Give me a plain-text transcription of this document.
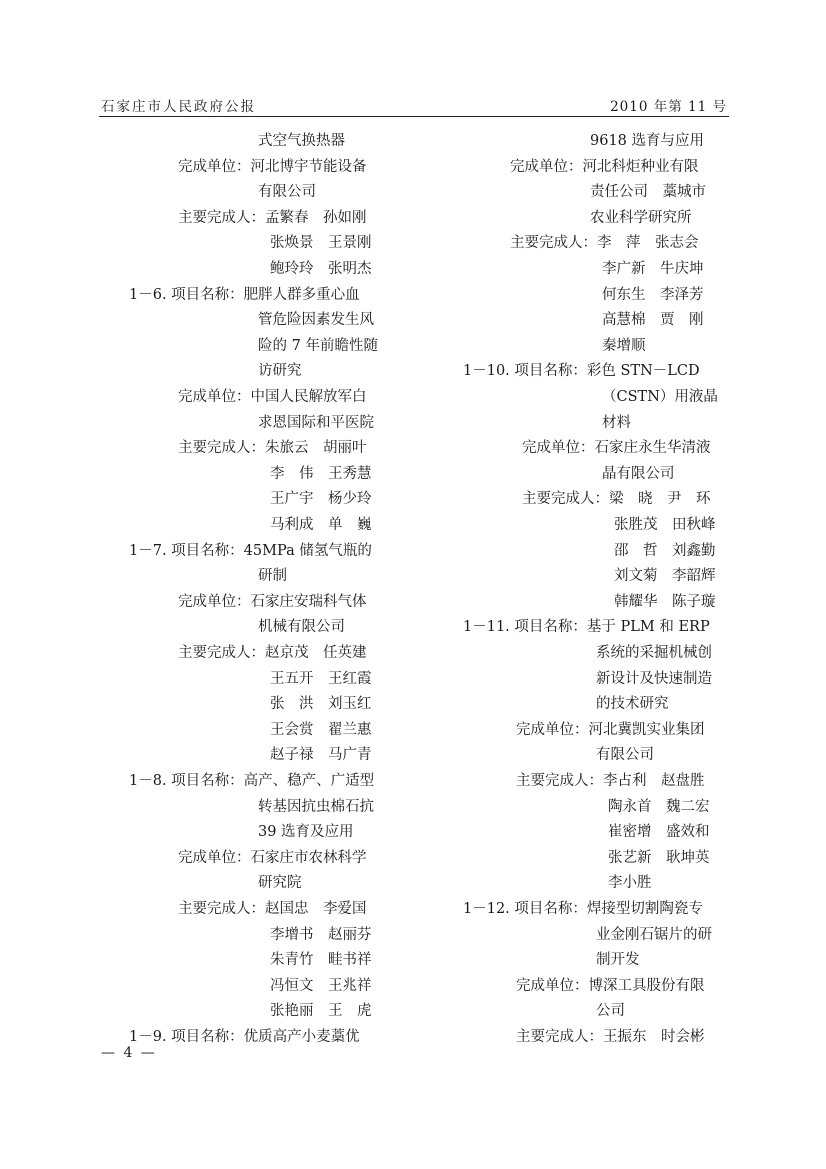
石家庄市人民政府公报	2010 年第 11 号
式空气换热器
完成单位：河北博宇节能设备
有限公司
主要完成人：孟繁春　孙如刚
张焕景　王景刚
鲍玲玲　张明杰
1－6. 项目名称：肥胖人群多重心血
管危险因素发生风
险的 7 年前瞻性随
访研究
完成单位：中国人民解放军白
求恩国际和平医院
主要完成人：朱旅云　胡丽叶
李　伟　王秀慧
王广宇　杨少玲
马利成　单　巍
1－7. 项目名称：45MPa 储氢气瓶的
研制
完成单位：石家庄安瑞科气体
机械有限公司
主要完成人：赵京茂　任英建
王五开　王红霞
张　洪　刘玉红
王会赏　翟兰惠
赵子禄　马广青
1－8. 项目名称：高产、稳产、广适型
转基因抗虫棉石抗
39 选育及应用
完成单位：石家庄市农林科学
研究院
主要完成人：赵国忠　李爱国
李增书　赵丽芬
朱青竹　畦书祥
冯恒文　王兆祥
张艳丽　王　虎
1－9. 项目名称：优质高产小麦藁优
9618 选育与应用
完成单位：河北科炬种业有限
责任公司　藁城市
农业科学研究所
主要完成人：李　萍　张志会
李广新　牛庆坤
何东生　李泽芳
高慧棉　贾　刚
秦增顺
1－10. 项目名称：彩色 STN－LCD
（CSTN）用液晶
材料
完成单位：石家庄永生华清液
晶有限公司
主要完成人：梁　晓　尹　环
张胜茂　田秋峰
邵　哲　刘鑫勤
刘文菊　李韶辉
韩耀华　陈子璇
1－11. 项目名称：基于 PLM 和 ERP
系统的采掘机械创
新设计及快速制造
的技术研究
完成单位：河北冀凯实业集团
有限公司
主要完成人：李占利　赵盘胜
陶永首　魏二宏
崔密增　盛效和
张艺新　耿坤英
李小胜
1－12. 项目名称：焊接型切割陶瓷专
业金刚石锯片的研
制开发
完成单位：博深工具股份有限
公司
主要完成人：王振东　时会彬
— 4 —
